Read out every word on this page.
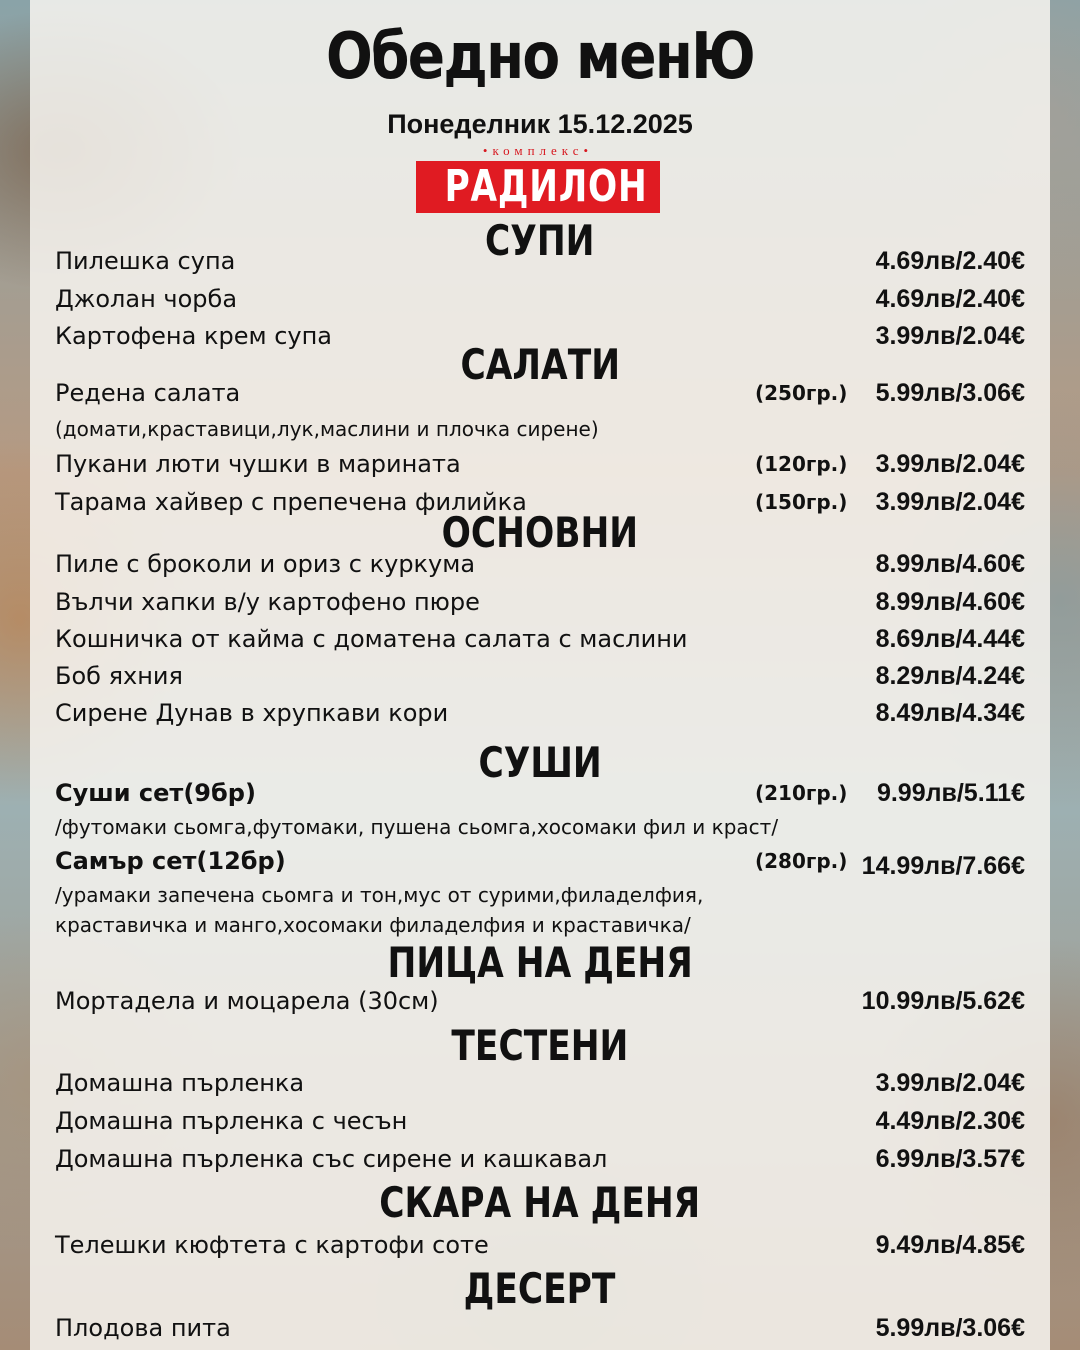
Обедно менЮ
Понеделник 15.12.2025
•комплекс•
РАДИЛОН
СУПИ
Пилешка супа	4.69лв/2.40€
Джолан чорба	4.69лв/2.40€
Картофена крем супа	3.99лв/2.04€
САЛАТИ
Редена салата	(250гр.) 5.99лв/3.06€
(домати,краставици,лук,маслини и плочка сирене)
Пукани люти чушки в марината	(120гр.) 3.99лв/2.04€
Тарама хайвер с препечена филийка	(150гр.) 3.99лв/2.04€
ОСНОВНИ
Пиле с броколи и ориз с куркума	8.99лв/4.60€
Вълчи хапки в/у картофено пюре	8.99лв/4.60€
Кошничка от кайма с доматена салата с маслини	8.69лв/4.44€
Боб яхния	8.29лв/4.24€
Сирене Дунав в хрупкави кори	8.49лв/4.34€
СУШИ
Суши сет(9бр)	(210гр.) 9.99лв/5.11€
/футомаки сьомга,футомаки, пушена сьомга,хосомаки фил и краст/
Самър сет(12бр)	(280гр.) 14.99лв/7.66€
/урамаки запечена сьомга и тон,мус от сурими,филаделфия,
краставичка и манго,хосомаки филаделфия и краставичка/
ПИЦА НА ДЕНЯ
Мортадела и моцарела (30см)	10.99лв/5.62€
ТЕСТЕНИ
Домашна пърленка	3.99лв/2.04€
Домашна пърленка с чесън	4.49лв/2.30€
Домашна пърленка със сирене и кашкавал	6.99лв/3.57€
СКАРА НА ДЕНЯ
Телешки кюфтета с картофи соте	9.49лв/4.85€
ДЕСЕРТ
Плодова пита	5.99лв/3.06€
